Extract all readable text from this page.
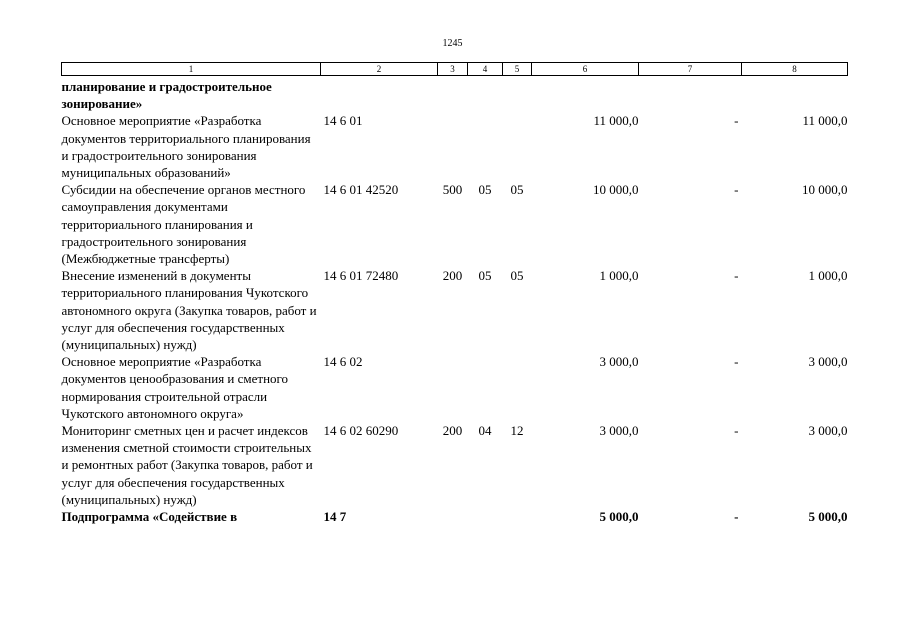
1245
1	2	3	4	5	6	7	8
планирование и градостроительное зонирование»							
Основное мероприятие «Разработка документов территориального планирования и градостроительного зонирования муниципальных образований»	14 6 01				11 000,0	-	11 000,0
Субсидии на обеспечение органов местного самоуправления документами территориального планирования и градостроительного зонирования (Межбюджетные трансферты)	14 6 01 42520	500	05	05	10 000,0	-	10 000,0
Внесение изменений в документы территориального планирования Чукотского автономного округа (Закупка товаров, работ и услуг для обеспечения государственных (муниципальных) нужд)	14 6 01 72480	200	05	05	1 000,0	-	1 000,0
Основное мероприятие «Разработка документов ценообразования и сметного нормирования строительной отрасли Чукотского автономного округа»	14 6 02				3 000,0	-	3 000,0
Мониторинг сметных цен и расчет индексов изменения сметной стоимости строительных и ремонтных работ (Закупка товаров, работ и услуг для обеспечения государственных (муниципальных) нужд)	14 6 02 60290	200	04	12	3 000,0	-	3 000,0
Подпрограмма «Содействие в	14 7				5 000,0	-	5 000,0
